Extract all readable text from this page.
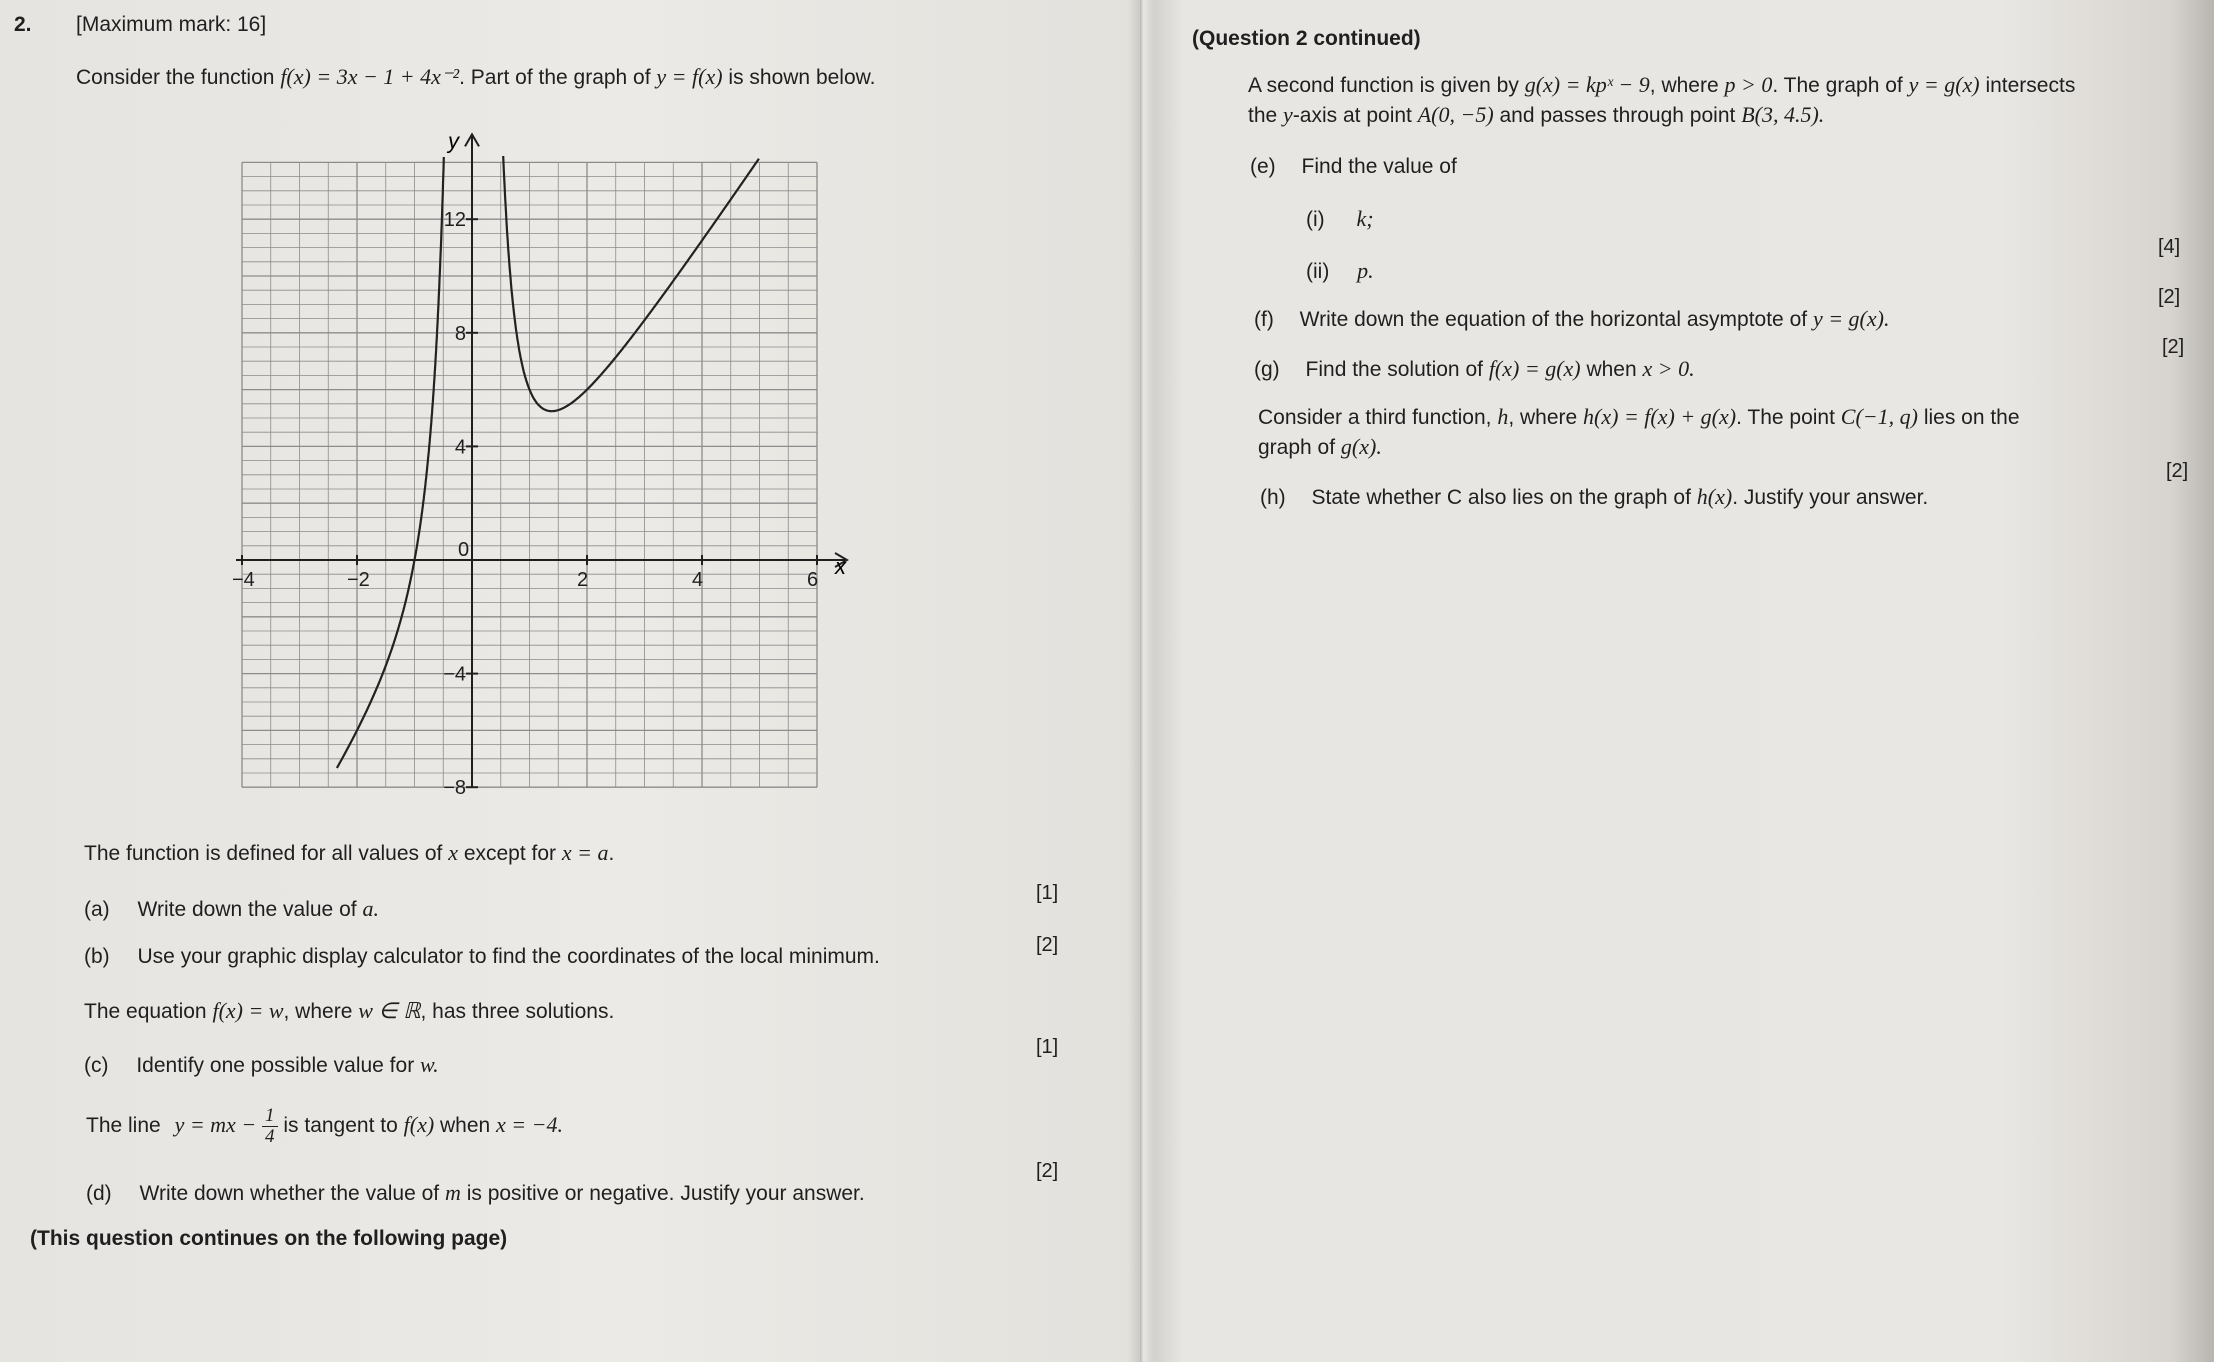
2. [Maximum mark: 16]
Consider the function f(x) = 3x − 1 + 4x⁻². Part of the graph of y = f(x) is shown below.
−4	−2
0
2	4	6
−8
−4
4
8
12
x
y
The function is defined for all values of x except for x = a.
(a) Write down the value of a.
[1]
(b) Use your graphic display calculator to find the coordinates of the local minimum.	[2]
The equation f(x) = w, where w ∈ ℝ, has three solutions.
(c) Identify one possible value for w.
[1]
The line y = mx − $\frac{1}{4}$ is tangent to f(x) when x = −4.
(d) Write down whether the value of m is positive or negative. Justify your answer.
[2]
(This question continues on the following page)
(Question 2 continued)
A second function is given by g(x) = kpˣ − 9, where p > 0. The graph of y = g(x) intersects
the y-axis at point A(0, −5) and passes through point B(3, 4.5).
(e) Find the value of
(i) k;
(ii) p.
[4]
(f) Write down the equation of the horizontal asymptote of y = g(x).
[2]
(g) Find the solution of f(x) = g(x) when x > 0.
[2]
Consider a third function, h, where h(x) = f(x) + g(x). The point C(−1, q) lies on the
graph of g(x).
(h) State whether C also lies on the graph of h(x). Justify your answer.
[2]
